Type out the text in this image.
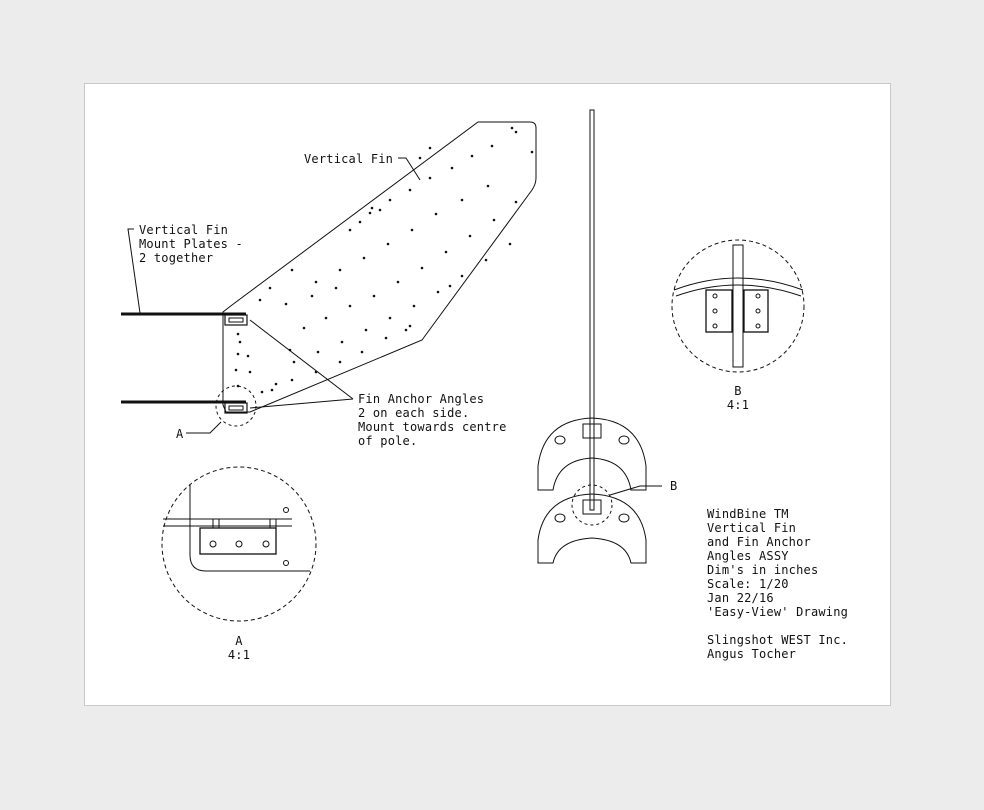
Vertical Fin
Vertical Fin
Mount Plates -
2 together
Fin Anchor Angles
2 on each side.
Mount towards centre
of pole.
A
B
A
4:1
B
4:1
WindBine TM
Vertical Fin
and Fin Anchor
Angles ASSY
Dim's in inches
Scale: 1/20
Jan 22/16
'Easy-View' Drawing
Slingshot WEST Inc.
Angus Tocher
